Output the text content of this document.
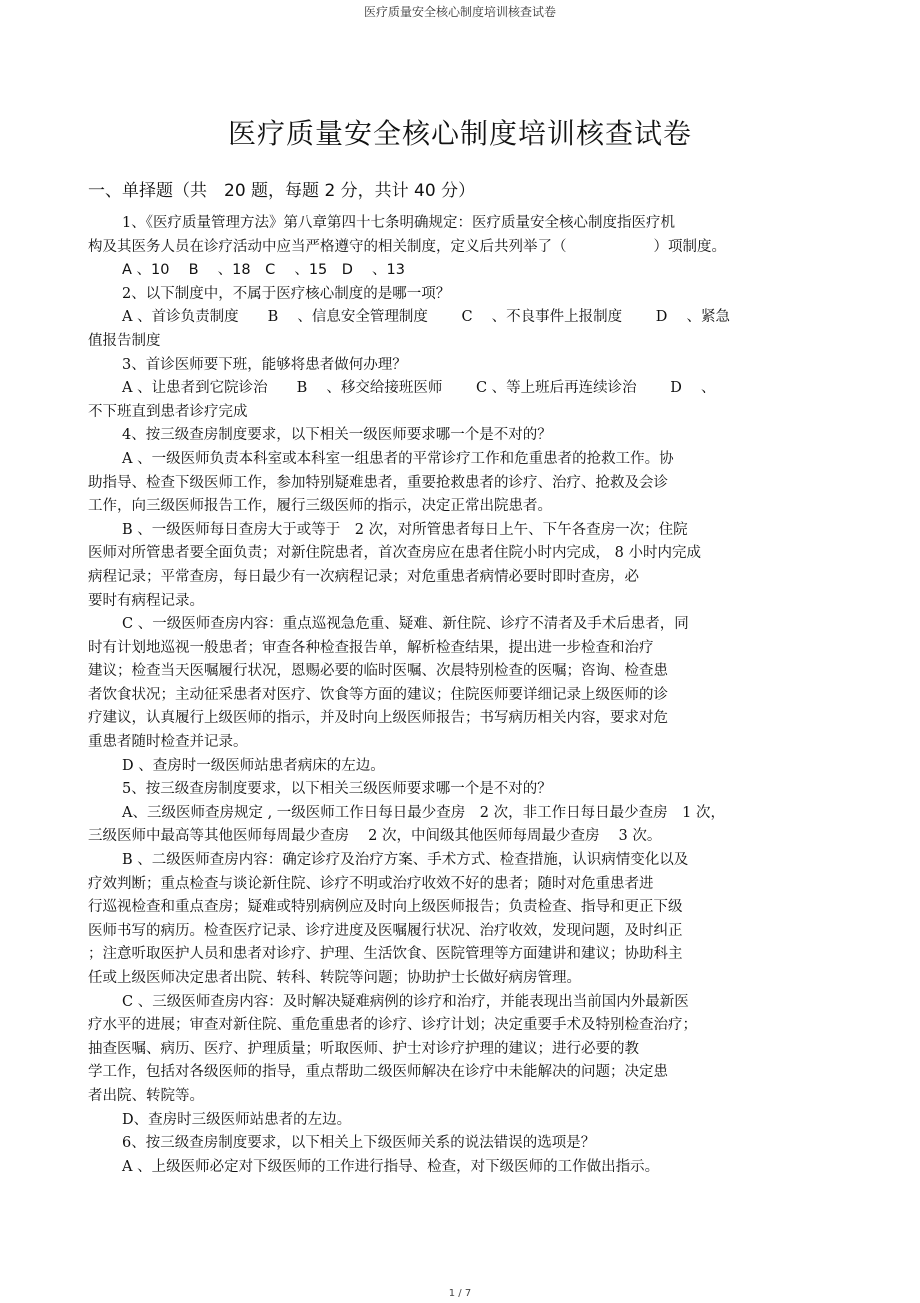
医疗质量安全核心制度培训核查试卷
医疗质量安全核心制度培训核查试卷
一、单择题（共　20 题，每题 2 分，共计 40 分）

1、《医疗质量管理方法》第八章第四十七条明确规定：医疗质量安全核心制度指医疗机

构及其医务人员在诊疗活动中应当严格遵守的相关制度，定义后共列举了（　　　　　　）项制度。

A 、10　 B　 、18　C　 、15　D　 、13

2、以下制度中，不属于医疗核心制度的是哪一项？

A 、首诊负责制度　　B　 、信息安全管理制度　　 C　 、不良事件上报制度　　 D　 、紧急

值报告制度

3、首诊医师要下班，能够将患者做何办理？

A 、让患者到它院诊治　　B　 、移交给接班医师　　 C 、等上班后再连续诊治　　 D　 、

不下班直到患者诊疗完成

4、按三级查房制度要求，以下相关一级医师要求哪一个是不对的？

A 、一级医师负责本科室或本科室一组患者的平常诊疗工作和危重患者的抢救工作。协

助指导、检查下级医师工作，参加特别疑难患者，重要抢救患者的诊疗、治疗、抢救及会诊

工作，向三级医师报告工作，履行三级医师的指示，决定正常出院患者。

B 、一级医师每日查房大于或等于　2 次，对所管患者每日上午、下午各查房一次；住院

医师对所管患者要全面负责；对新住院患者，首次查房应在患者住院小时内完成， 8 小时内完成

病程记录；平常查房，每日最少有一次病程记录；对危重患者病情必要时即时查房，必

要时有病程记录。

C 、一级医师查房内容：重点巡视急危重、疑难、新住院、诊疗不清者及手术后患者，同

时有计划地巡视一般患者；审查各种检查报告单，解析检查结果，提出进一步检查和治疗

建议；检查当天医嘱履行状况，恩赐必要的临时医嘱、次晨特别检查的医嘱；咨询、检查患

者饮食状况；主动征采患者对医疗、饮食等方面的建议；住院医师要详细记录上级医师的诊

疗建议，认真履行上级医师的指示，并及时向上级医师报告；书写病历相关内容，要求对危

重患者随时检查并记录。

D 、查房时一级医师站患者病床的左边。

5、按三级查房制度要求，以下相关三级医师要求哪一个是不对的？

A、三级医师查房规定 , 一级医师工作日每日最少查房　2 次，非工作日每日最少查房　1 次，

三级医师中最高等其他医师每周最少查房　 2 次，中间级其他医师每周最少查房　 3 次。

B 、二级医师查房内容：确定诊疗及治疗方案、手术方式、检查措施，认识病情变化以及

疗效判断；重点检查与谈论新住院、诊疗不明或治疗收效不好的患者；随时对危重患者进

行巡视检查和重点查房；疑难或特别病例应及时向上级医师报告；负责检查、指导和更正下级

医师书写的病历。检查医疗记录、诊疗进度及医嘱履行状况、治疗收效，发现问题，及时纠正

；注意听取医护人员和患者对诊疗、护理、生活饮食、医院管理等方面建讲和建议；协助科主

任或上级医师决定患者出院、转科、转院等问题；协助护士长做好病房管理。

C 、三级医师查房内容：及时解决疑难病例的诊疗和治疗，并能表现出当前国内外最新医

疗水平的进展；审查对新住院、重危重患者的诊疗、诊疗计划；决定重要手术及特别检查治疗；

抽查医嘱、病历、医疗、护理质量；听取医师、护士对诊疗护理的建议；进行必要的教

学工作，包括对各级医师的指导，重点帮助二级医师解决在诊疗中未能解决的问题；决定患

者出院、转院等。

D、查房时三级医师站患者的左边。

6、按三级查房制度要求，以下相关上下级医师关系的说法错误的选项是？

A 、上级医师必定对下级医师的工作进行指导、检查，对下级医师的工作做出指示。

1 / 7
